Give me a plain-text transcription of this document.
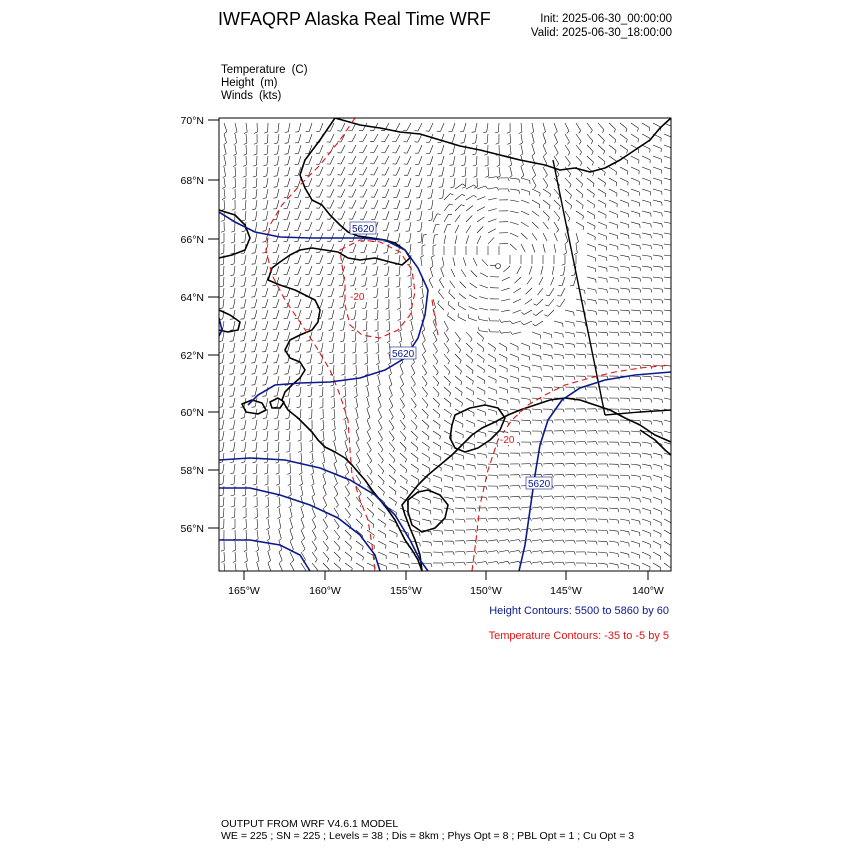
IWFAQRP Alaska Real Time WRF	Init: 2025-06-30_00:00:00
Valid: 2025-06-30_18:00:00
Temperature (C)
Height (m)
Winds (kts)
5620
5620
5620
-20
-20
70°N
68°N
66°N
64°N
62°N
60°N
58°N
56°N
165°W	160°W	155°W	150°W	145°W	140°W
Height Contours: 5500 to 5860 by 60
Temperature Contours: -35 to -5 by 5
OUTPUT FROM WRF V4.6.1 MODEL
WE = 225 ; SN = 225 ; Levels = 38 ; Dis = 8km ; Phys Opt = 8 ; PBL Opt = 1 ; Cu Opt = 3
